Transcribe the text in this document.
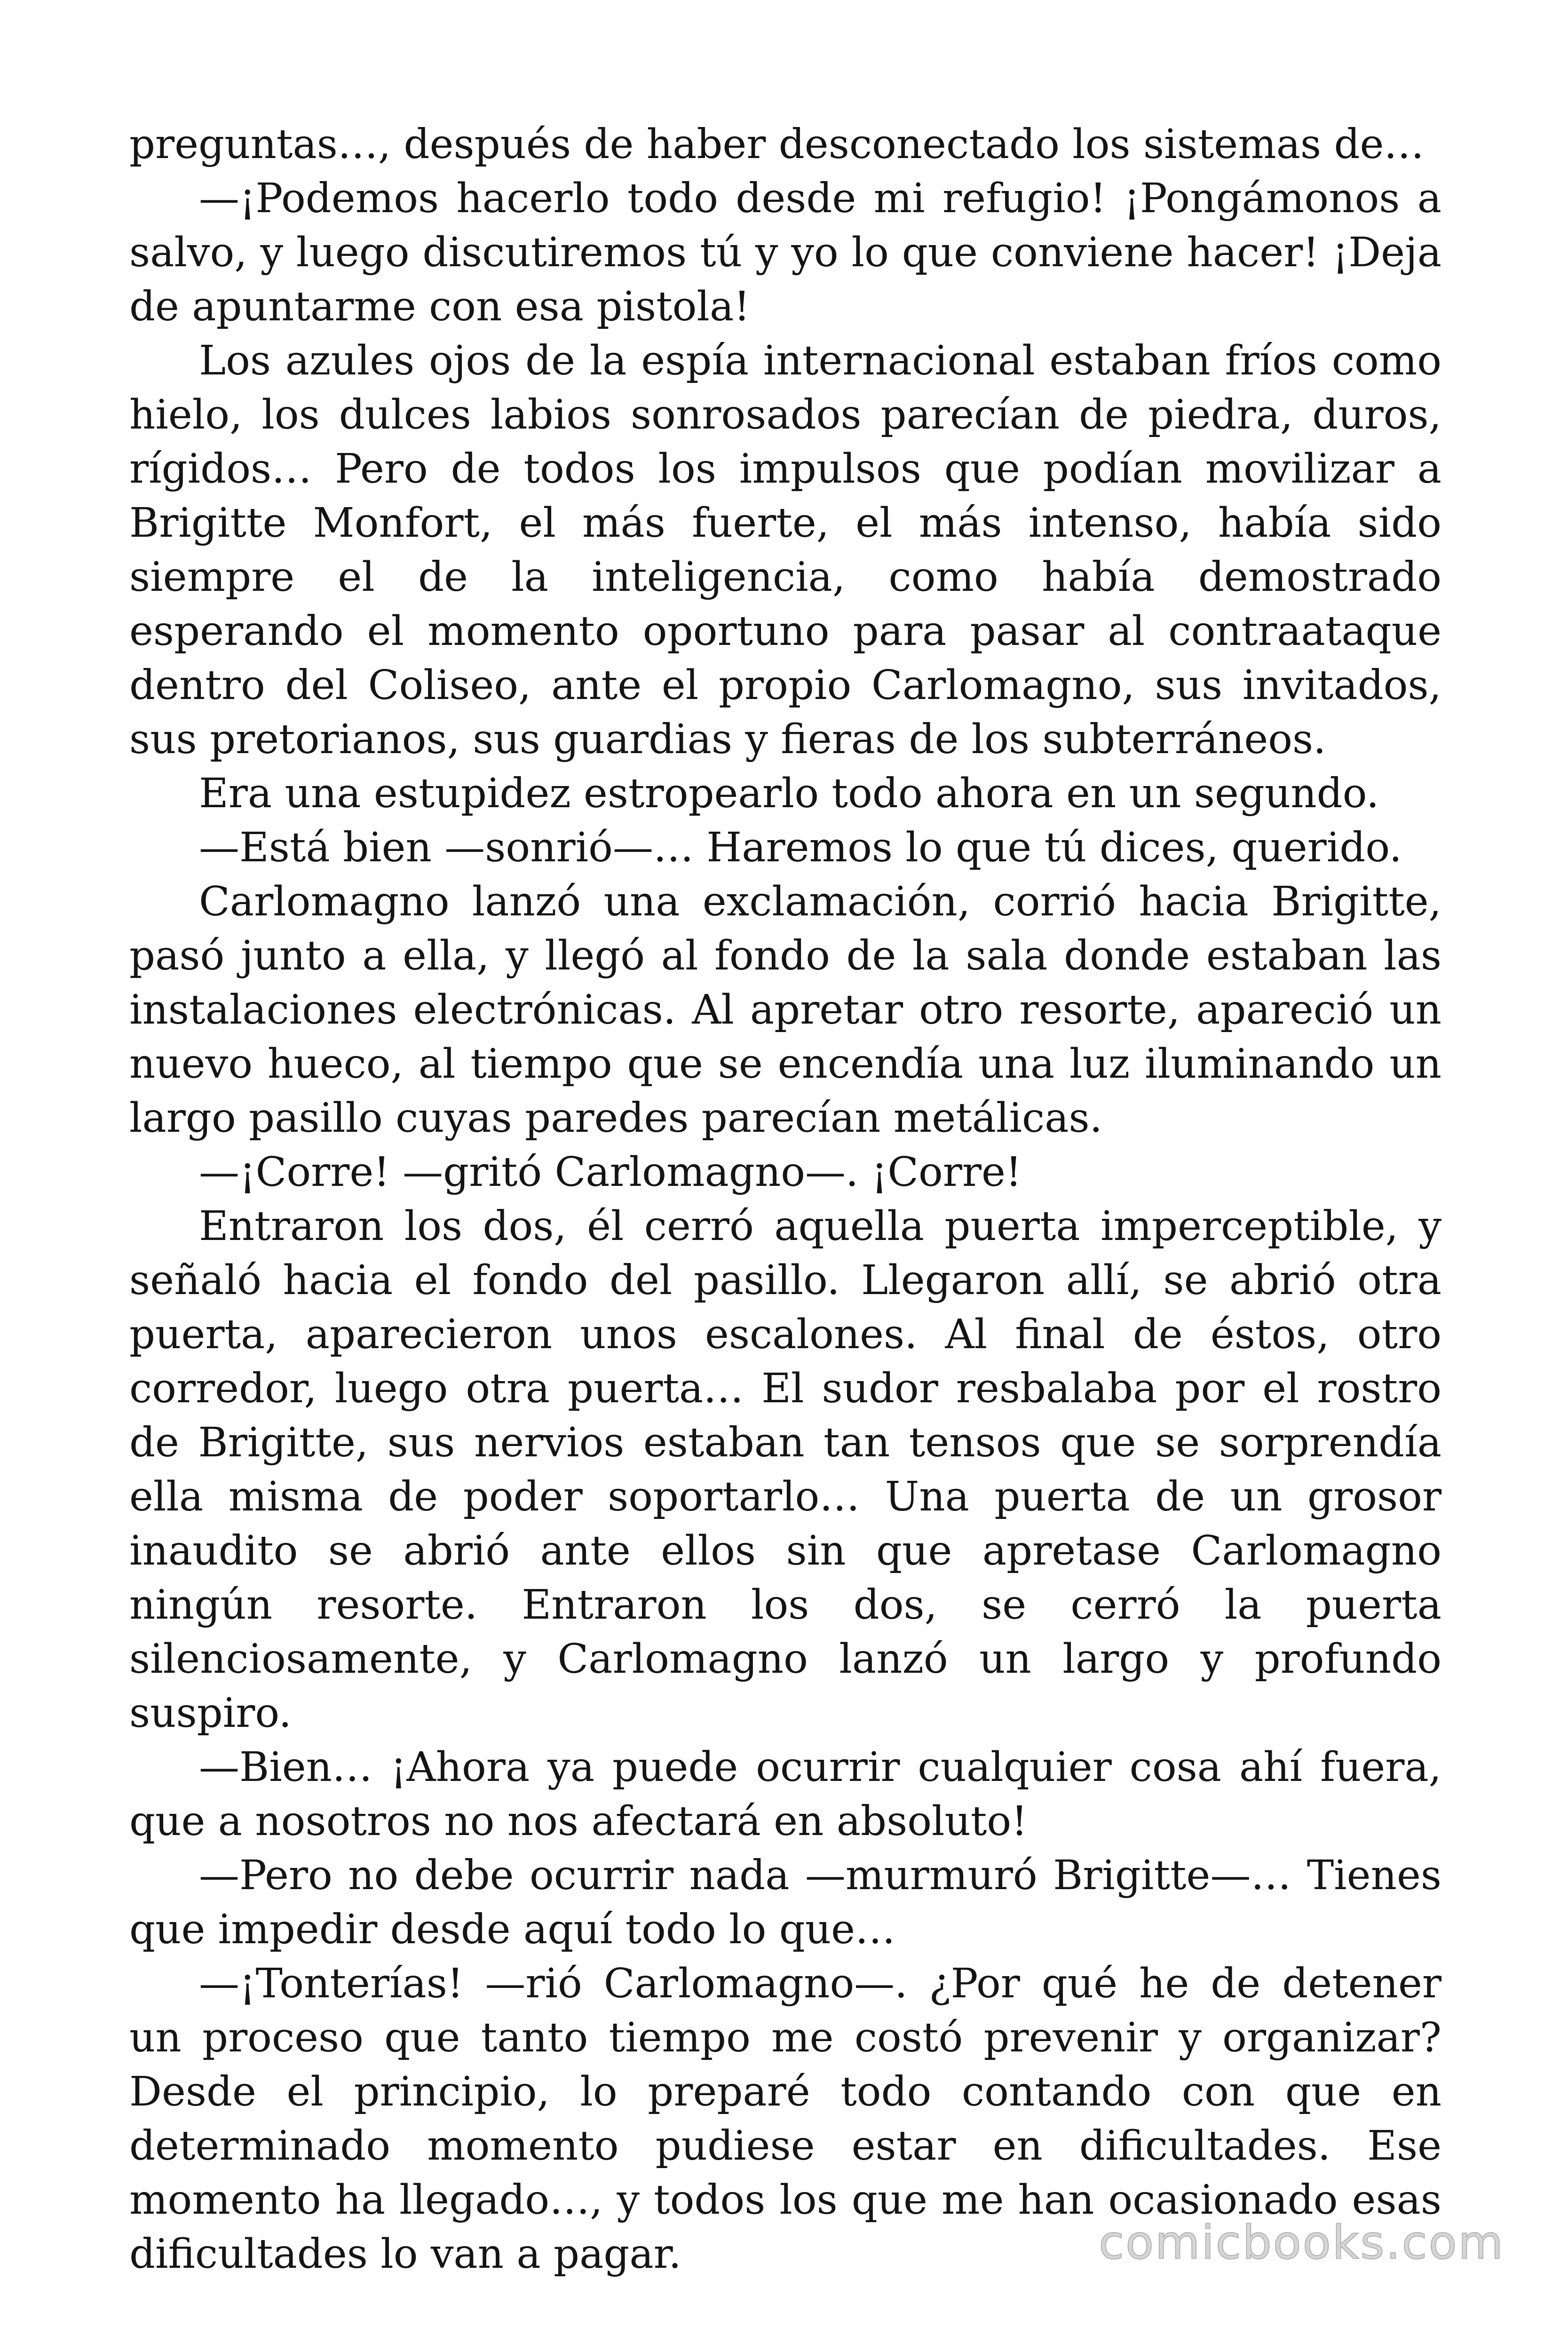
preguntas…, después de haber desconectado los sistemas de…

—¡Podemos hacerlo todo desde mi refugio! ¡Pongámonos a salvo, y luego discutiremos tú y yo lo que conviene hacer! ¡Deja de apuntarme con esa pistola!

Los azules ojos de la espía internacional estaban fríos como hielo, los dulces labios sonrosados parecían de piedra, duros, rígidos… Pero de todos los impulsos que podían movilizar a Brigitte Monfort, el más fuerte, el más intenso, había sido siempre el de la inteligencia, como había demostrado esperando el momento oportuno para pasar al contraataque dentro del Coliseo, ante el propio Carlomagno, sus invitados, sus pretorianos, sus guardias y fieras de los subterráneos.

Era una estupidez estropearlo todo ahora en un segundo.

—Está bien —sonrió—… Haremos lo que tú dices, querido.

Carlomagno lanzó una exclamación, corrió hacia Brigitte, pasó junto a ella, y llegó al fondo de la sala donde estaban las instalaciones electrónicas. Al apretar otro resorte, apareció un nuevo hueco, al tiempo que se encendía una luz iluminando un largo pasillo cuyas paredes parecían metálicas.

—¡Corre! —gritó Carlomagno—. ¡Corre!

Entraron los dos, él cerró aquella puerta imperceptible, y señaló hacia el fondo del pasillo. Llegaron allí, se abrió otra puerta, aparecieron unos escalones. Al final de éstos, otro corredor, luego otra puerta… El sudor resbalaba por el rostro de Brigitte, sus nervios estaban tan tensos que se sorprendía ella misma de poder soportarlo… Una puerta de un grosor inaudito se abrió ante ellos sin que apretase Carlomagno ningún resorte. Entraron los dos, se cerró la puerta silenciosamente, y Carlomagno lanzó un largo y profundo suspiro.

—Bien… ¡Ahora ya puede ocurrir cualquier cosa ahí fuera, que a nosotros no nos afectará en absoluto!

—Pero no debe ocurrir nada —murmuró Brigitte—… Tienes que impedir desde aquí todo lo que…

—¡Tonterías! —rió Carlomagno—. ¿Por qué he de detener un proceso que tanto tiempo me costó prevenir y organizar? Desde el principio, lo preparé todo contando con que en determinado momento pudiese estar en dificultades. Ese momento ha llegado…, y todos los que me han ocasionado esas dificultades lo van a pagar.	comicbooks.com
